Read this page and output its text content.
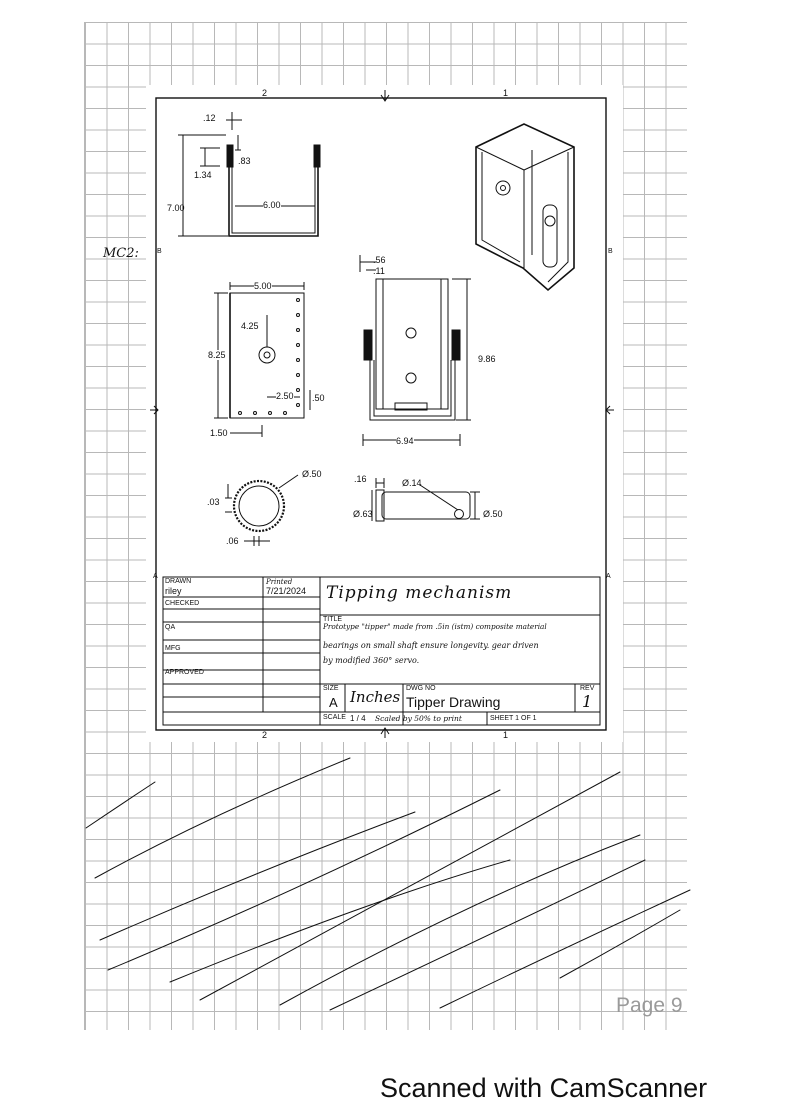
2	1
2	1
B	B
A	A
.12
.83
1.34
7.00	6.00
5.00
4.25
8.25
2.50 .50
1.50
.56
.11
9.86
6.94
Ø.50
.03
.06
.16	Ø.14
Ø.63	Ø.50
DRAWN
riley
Printed
7/21/2024
CHECKED
QA
MFG
APPROVED
Tipping mechanism
TITLE
Prototype "tipper" made from .5in (istm) composite material
bearings on small shaft ensure longevity. gear driven
by modified 360° servo.
SIZE
A Inches DWG NO
Tipper Drawing
REV
1
SCALE 1 / 4 Scaled by 50% to print	SHEET 1 OF 1
MC2:
Page 9
Scanned with CamScanner
